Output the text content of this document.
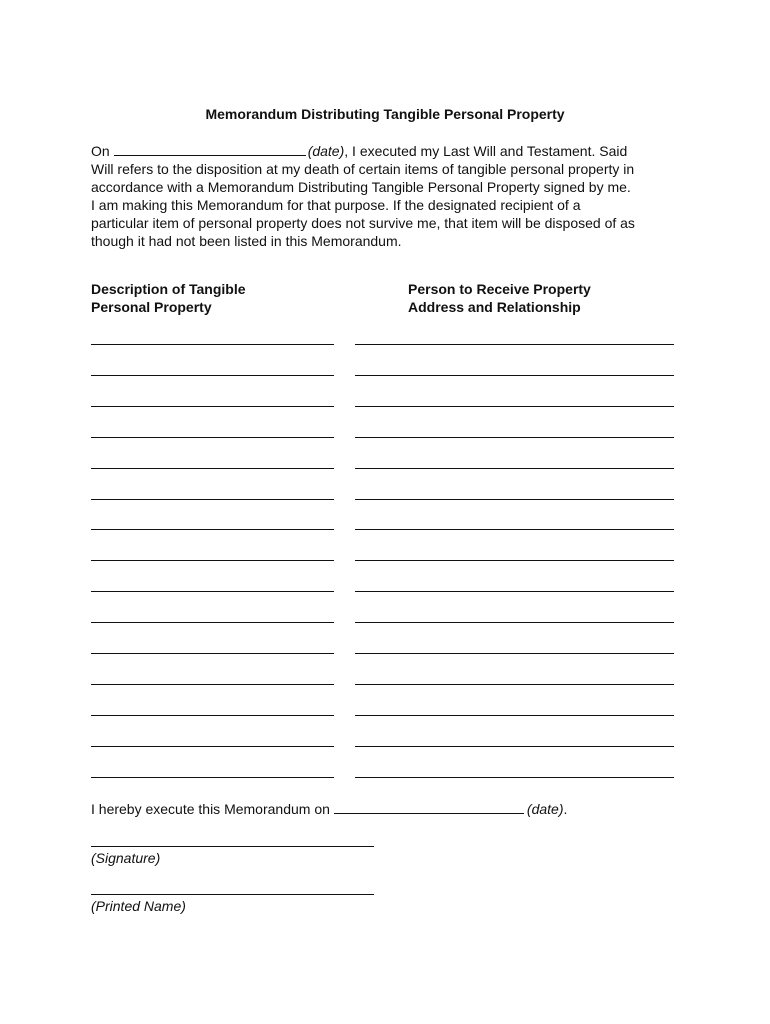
Memorandum Distributing Tangible Personal Property

On	(date), I executed my Last Will and Testament. Said
Will refers to the disposition at my death of certain items of tangible personal property in
accordance with a Memorandum Distributing Tangible Personal Property signed by me.
I am making this Memorandum for that purpose. If the designated recipient of a
particular item of personal property does not survive me, that item will be disposed of as
though it had not been listed in this Memorandum.

Description of Tangible
Personal Property
Person to Receive Property
Address and Relationship
I hereby execute this Memorandum on	(date).
(Signature)
(Printed Name)
